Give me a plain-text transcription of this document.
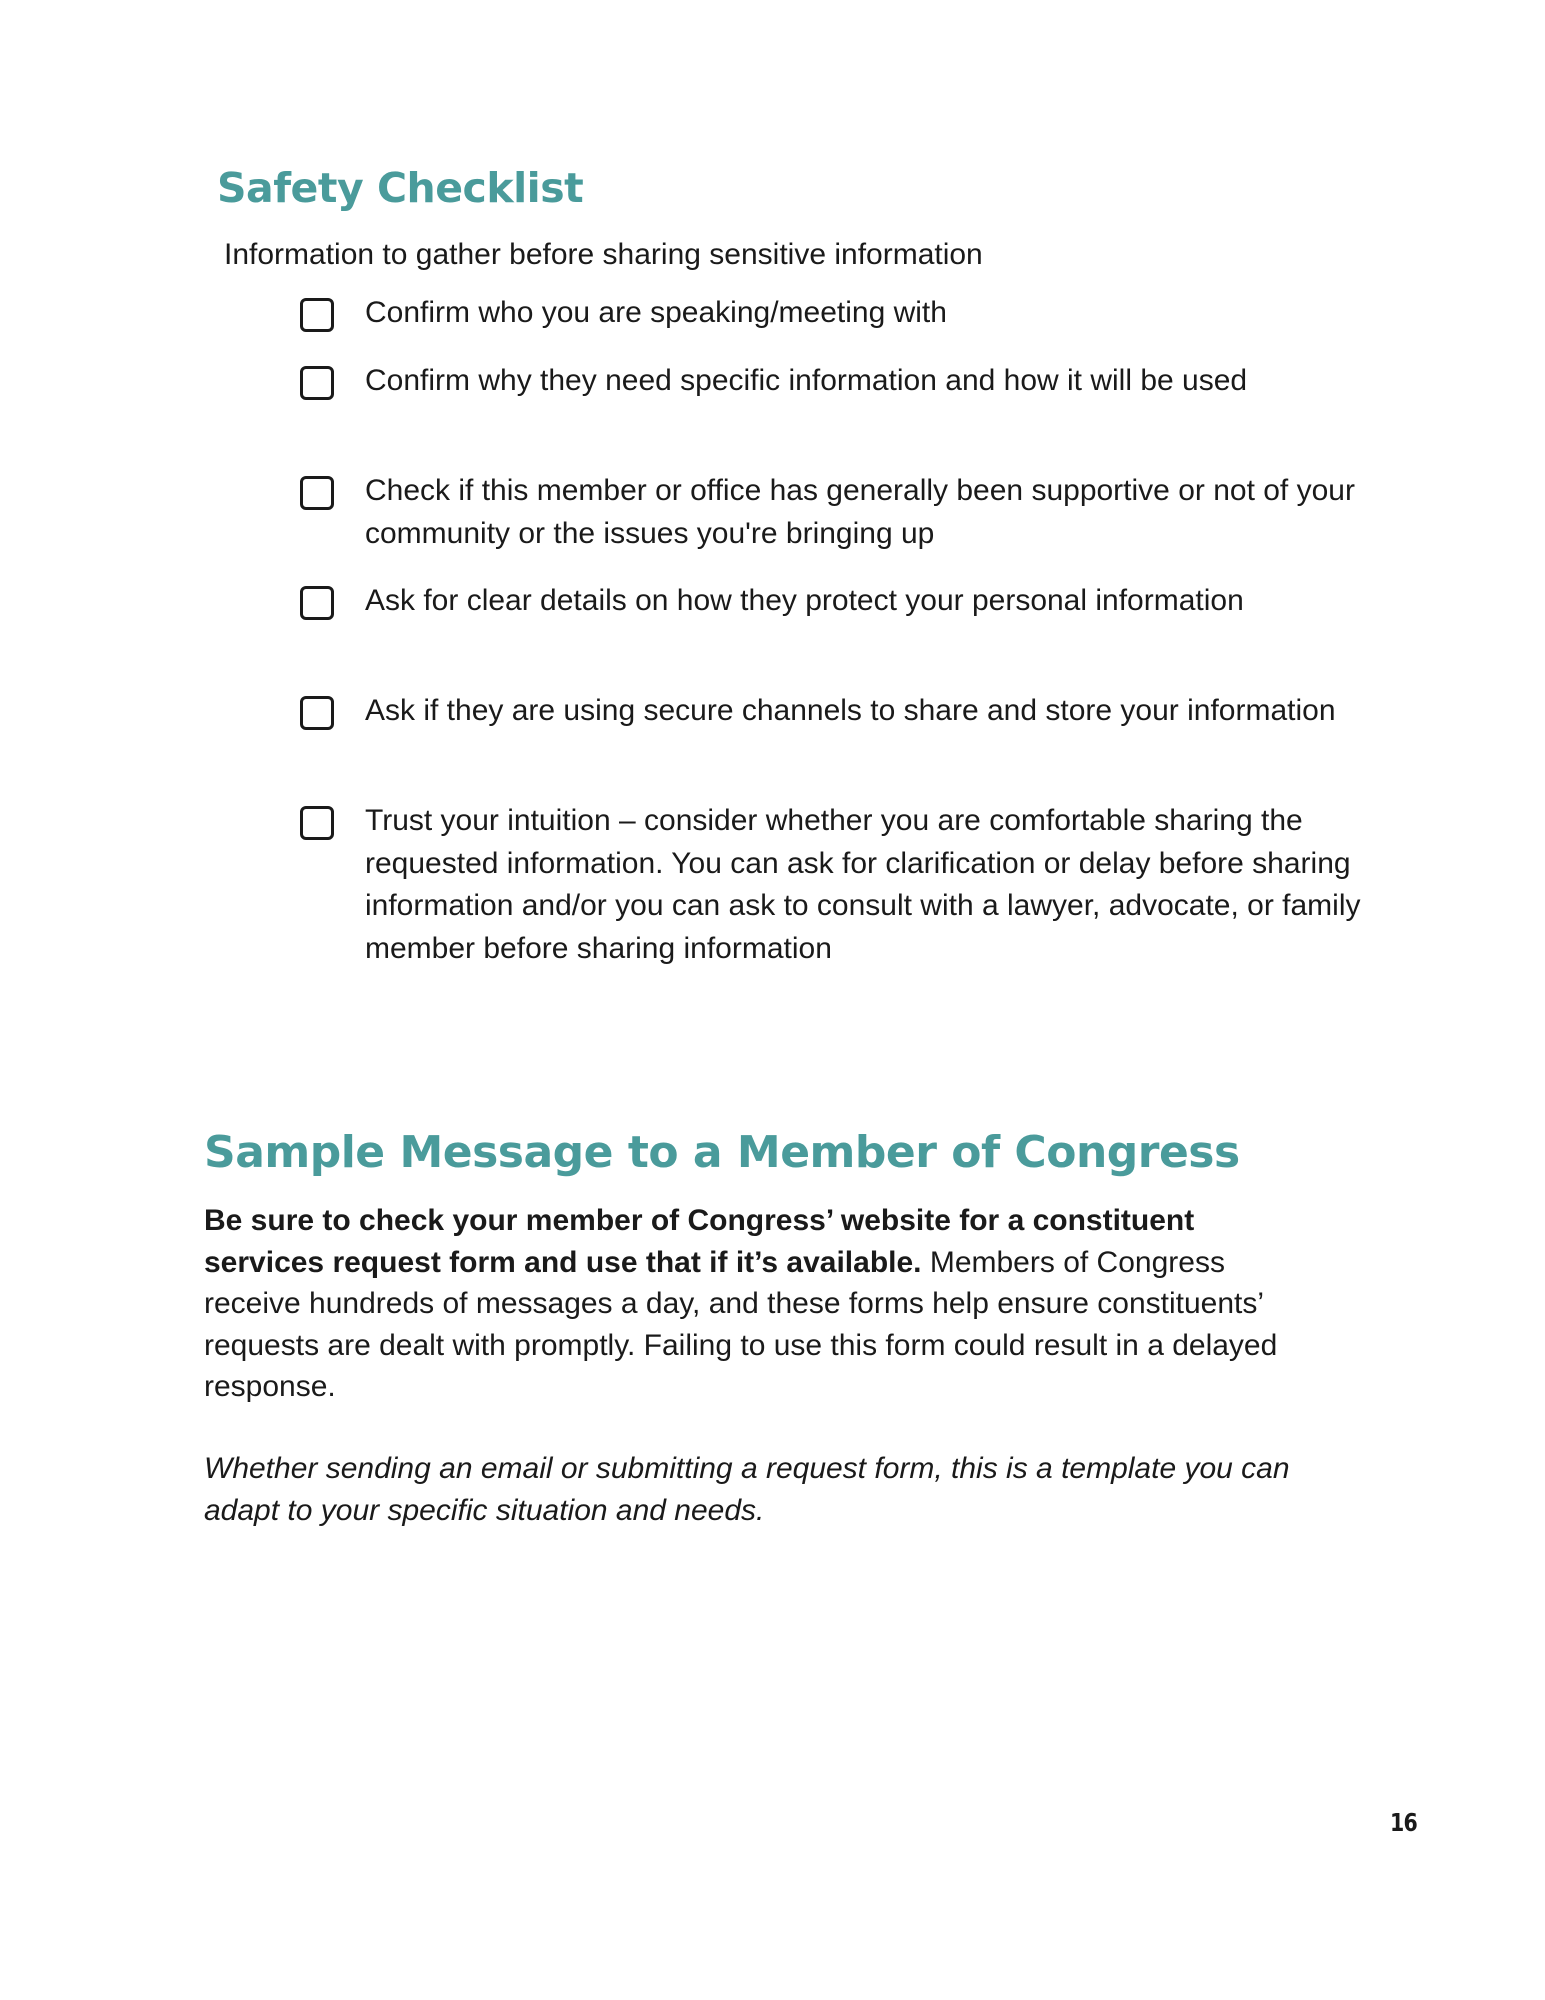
Safety Checklist

Information to gather before sharing sensitive information

Confirm who you are speaking/meeting with

Confirm why they need specific information and how it will be used

Check if this member or office has generally been supportive or not of your community or the issues you're bringing up

Ask for clear details on how they protect your personal information

Ask if they are using secure channels to share and store your information

Trust your intuition – consider whether you are comfortable sharing the requested information. You can ask for clarification or delay before sharing information and/or you can ask to consult with a lawyer, advocate, or family member before sharing information

Sample Message to a Member of Congress

Be sure to check your member of Congress’ website for a constituent services request form and use that if it’s available. Members of Congress receive hundreds of messages a day, and these forms help ensure constituents’ requests are dealt with promptly. Failing to use this form could result in a delayed response.

Whether sending an email or submitting a request form, this is a template you can adapt to your specific situation and needs.

16
